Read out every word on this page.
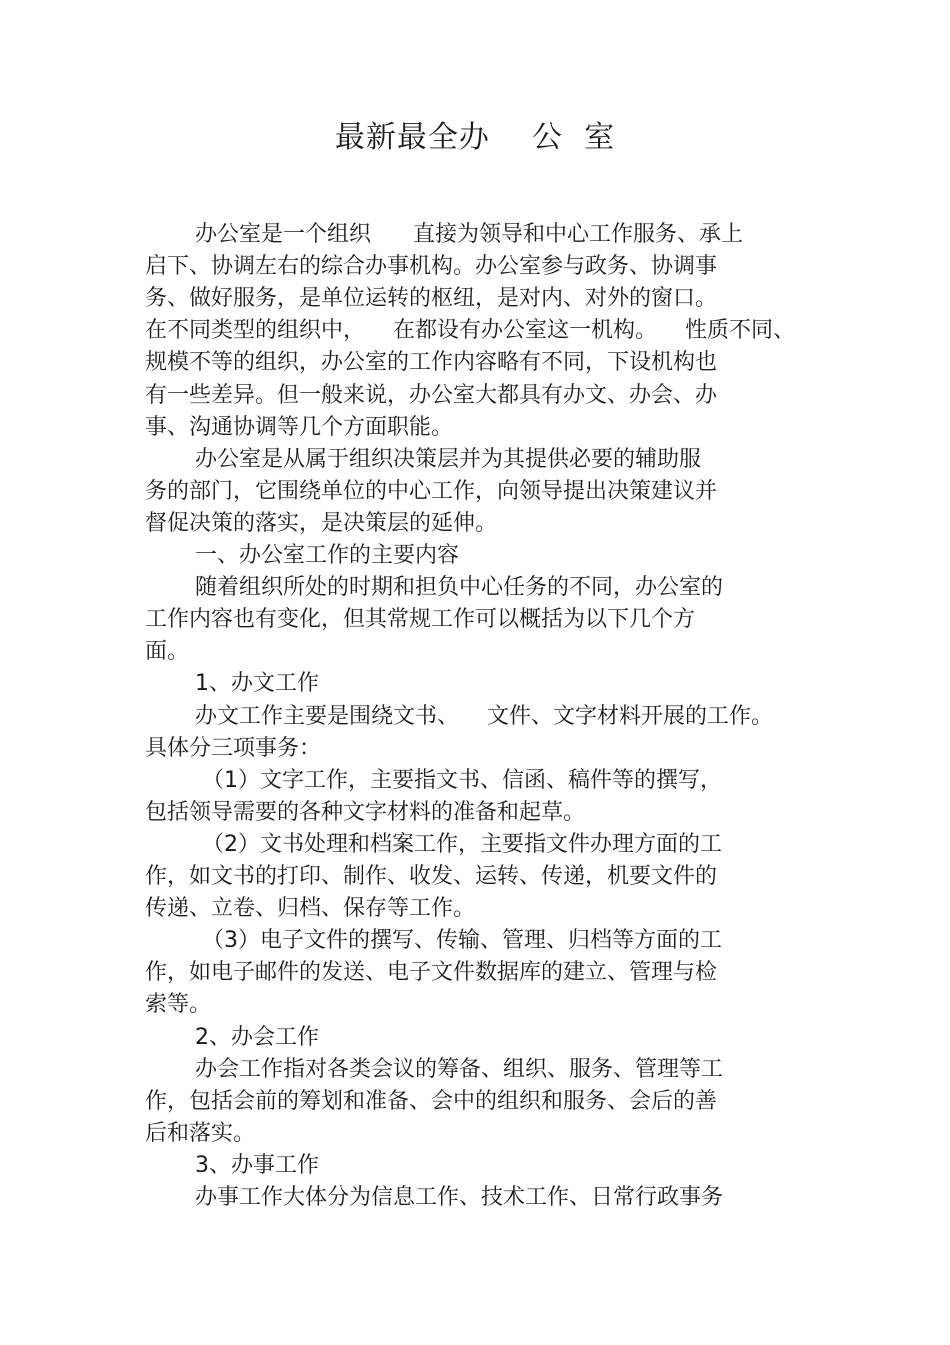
最新最全办    公  室
办公室是一个组织      直接为领导和中心工作服务、承上
启下、协调左右的综合办事机构。办公室参与政务、协调事
务、做好服务，是单位运转的枢纽，是对内、对外的窗口。
在不同类型的组织中，    在都设有办公室这一机构。    性质不同、
规模不等的组织，办公室的工作内容略有不同，下设机构也
有一些差异。但一般来说，办公室大都具有办文、办会、办
事、沟通协调等几个方面职能。
办公室是从属于组织决策层并为其提供必要的辅助服
务的部门，它围绕单位的中心工作，向领导提出决策建议并
督促决策的落实，是决策层的延伸。
一、办公室工作的主要内容
随着组织所处的时期和担负中心任务的不同，办公室的
工作内容也有变化，但其常规工作可以概括为以下几个方
面。
1、办文工作
办文工作主要是围绕文书、    文件、文字材料开展的工作。
具体分三项事务：
（1）文字工作，主要指文书、信函、稿件等的撰写，
包括领导需要的各种文字材料的准备和起草。
（2）文书处理和档案工作，主要指文件办理方面的工
作，如文书的打印、制作、收发、运转、传递，机要文件的
传递、立卷、归档、保存等工作。
（3）电子文件的撰写、传输、管理、归档等方面的工
作，如电子邮件的发送、电子文件数据库的建立、管理与检
索等。
2、办会工作
办会工作指对各类会议的筹备、组织、服务、管理等工
作，包括会前的筹划和准备、会中的组织和服务、会后的善
后和落实。
3、办事工作
办事工作大体分为信息工作、技术工作、日常行政事务
